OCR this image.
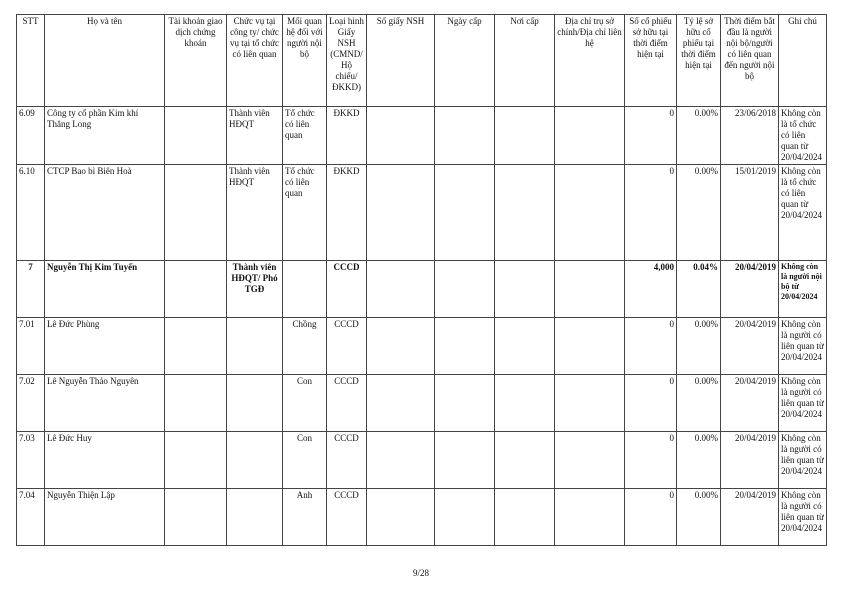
STT	Họ và tên	Tài khoản giao dịch chứng khoán	Chức vụ tại công ty/ chức vụ tại tổ chức có liên quan	Mối quan hệ đối với người nội bộ	Loại hình Giấy NSH (CMND/ Hộ chiếu/ ĐKKD)	Số giấy NSH	Ngày cấp	Nơi cấp	Địa chỉ trụ sở chính/Địa chỉ liên hệ	Số cổ phiếu sở hữu tại thời điểm hiện tại	Tỷ lệ sở hữu cổ phiếu tại thời điểm hiện tại	Thời điểm bắt đầu là người nội bộ/người có liên quan đến người nội bộ	Ghi chú
6.09	Công ty cổ phần Kim khí Thăng Long		Thành viên HĐQT	Tổ chức có liên quan	ĐKKD					0	0.00%	23/06/2018	Không còn là tổ chức có liên quan từ 20/04/2024
6.10	CTCP Bao bì Biên Hoà		Thành viên HĐQT	Tổ chức có liên quan	ĐKKD					0	0.00%	15/01/2019	Không còn là tổ chức có liên quan từ 20/04/2024
7	Nguyễn Thị Kim Tuyến		Thành viên HĐQT/ Phó TGĐ		CCCD					4,000	0.04%	20/04/2019	Không còn là người nội bộ từ 20/04/2024
7.01	Lê Đức Phùng			Chồng	CCCD					0	0.00%	20/04/2019	Không còn là người có liên quan từ 20/04/2024
7.02	Lê Nguyễn Thảo Nguyên			Con	CCCD					0	0.00%	20/04/2019	Không còn là người có liên quan từ 20/04/2024
7.03	Lê Đức Huy			Con	CCCD					0	0.00%	20/04/2019	Không còn là người có liên quan từ 20/04/2024
7.04	Nguyễn Thiện Lập			Anh	CCCD					0	0.00%	20/04/2019	Không còn là người có liên quan từ 20/04/2024
9/28
